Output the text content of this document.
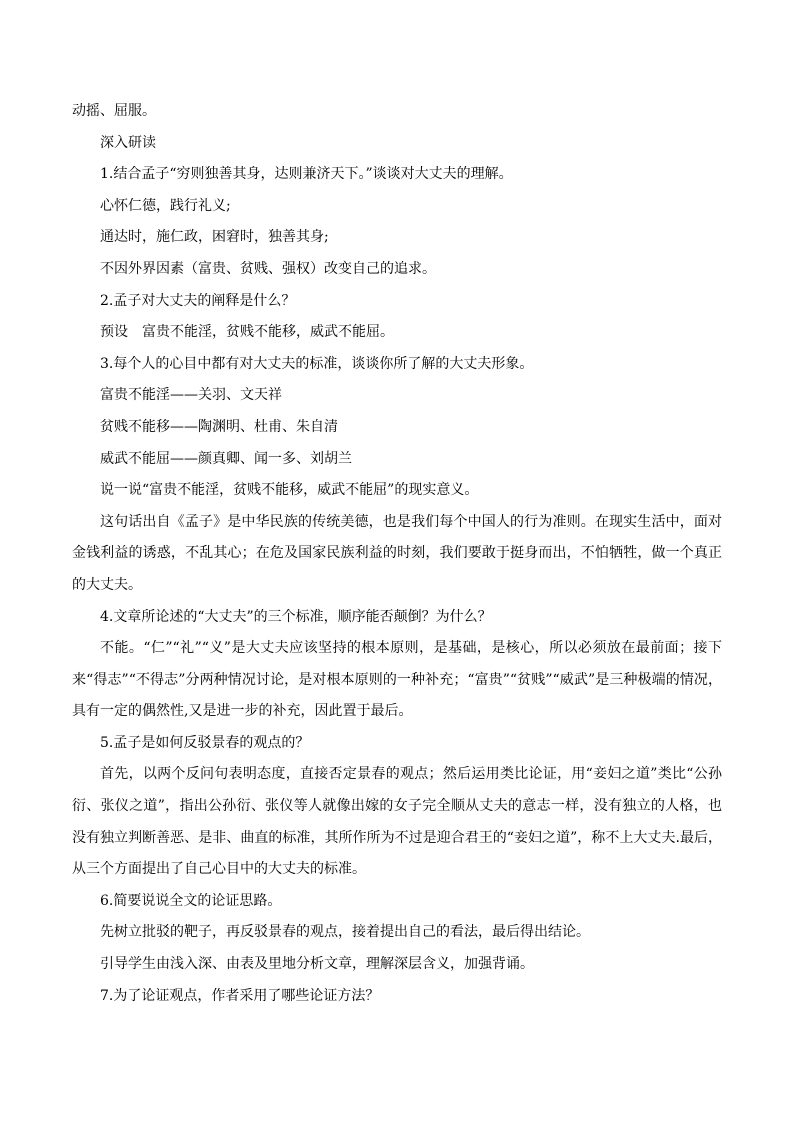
动摇、屈服。

深入研读

1.结合孟子“穷则独善其身，达则兼济天下。”谈谈对大丈夫的理解。

心怀仁德，践行礼义;

通达时，施仁政，困窘时，独善其身;

不因外界因素（富贵、贫贱、强权）改变自己的追求。

2.孟子对大丈夫的阐释是什么？

预设　富贵不能淫，贫贱不能移，威武不能屈。

3.每个人的心目中都有对大丈夫的标准，谈谈你所了解的大丈夫形象。

富贵不能淫——关羽、文天祥

贫贱不能移——陶渊明、杜甫、朱自清

威武不能屈——颜真卿、闻一多、刘胡兰

说一说“富贵不能淫，贫贱不能移，威武不能屈”的现实意义。

这句话出自《孟子》是中华民族的传统美德，也是我们每个中国人的行为准则。在现实生活中，面对金钱利益的诱惑，不乱其心；在危及国家民族利益的时刻，我们要敢于挺身而出，不怕牺牲，做一个真正的大丈夫。

4.文章所论述的“大丈夫”的三个标准，顺序能否颠倒？为什么？

不能。“仁”“礼”“义”是大丈夫应该坚持的根本原则，是基础，是核心，所以必须放在最前面；接下来“得志”“不得志”分两种情况讨论，是对根本原则的一种补充；“富贵”“贫贱”“威武”是三种极端的情况，具有一定的偶然性,又是进一步的补充，因此置于最后。

5.孟子是如何反驳景春的观点的？

首先，以两个反问句表明态度，直接否定景春的观点；然后运用类比论证，用“妾妇之道”类比“公孙衍、张仪之道”，指出公孙衍、张仪等人就像出嫁的女子完全顺从丈夫的意志一样，没有独立的人格，也没有独立判断善恶、是非、曲直的标准，其所作所为不过是迎合君王的“妾妇之道”，称不上大丈夫.最后，从三个方面提出了自己心目中的大丈夫的标准。

6.简要说说全文的论证思路。

先树立批驳的靶子，再反驳景春的观点，接着提出自己的看法，最后得出结论。

引导学生由浅入深、由表及里地分析文章，理解深层含义，加强背诵。

7.为了论证观点，作者采用了哪些论证方法？
